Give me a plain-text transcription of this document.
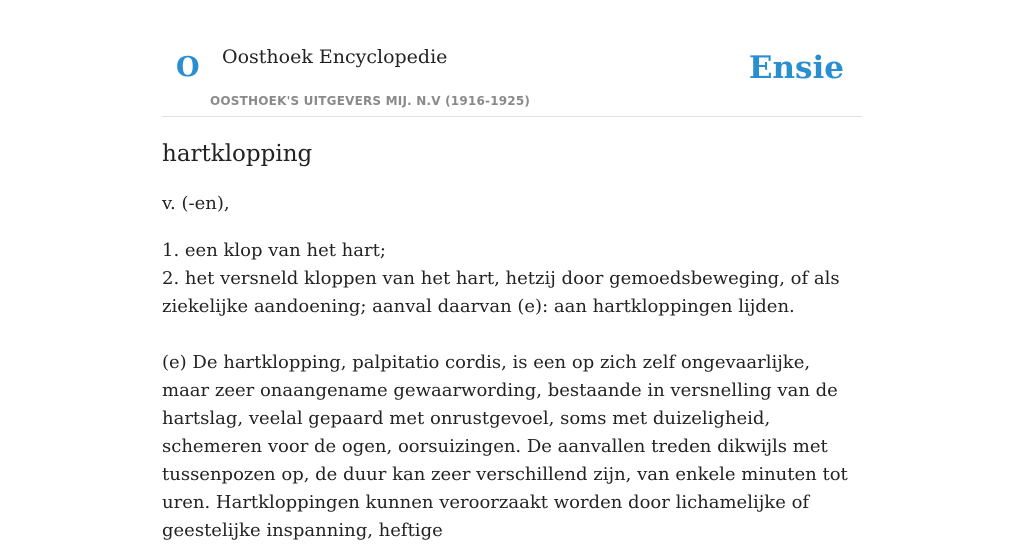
O Oosthoek Encyclopedie
OOSTHOEK'S UITGEVERS MIJ. N.V (1916-1925)
Ensie
hartklopping
v. (-en),

1. een klop van het hart;

2. het versneld kloppen van het hart, hetzij door gemoedsbeweging, of als ziekelijke aandoening; aanval daarvan (e): aan hartkloppingen lijden.

(e) De hartklopping, palpitatio cordis, is een op zich zelf ongevaarlijke, maar zeer onaangename gewaarwording, bestaande in versnelling van de hartslag, veelal gepaard met onrustgevoel, soms met duizeligheid, schemeren voor de ogen, oorsuizingen. De aanvallen treden dikwijls met tussenpozen op, de duur kan zeer verschillend zijn, van enkele minuten tot uren. Hartkloppingen kunnen veroorzaakt worden door lichamelijke of geestelijke inspanning, heftige
